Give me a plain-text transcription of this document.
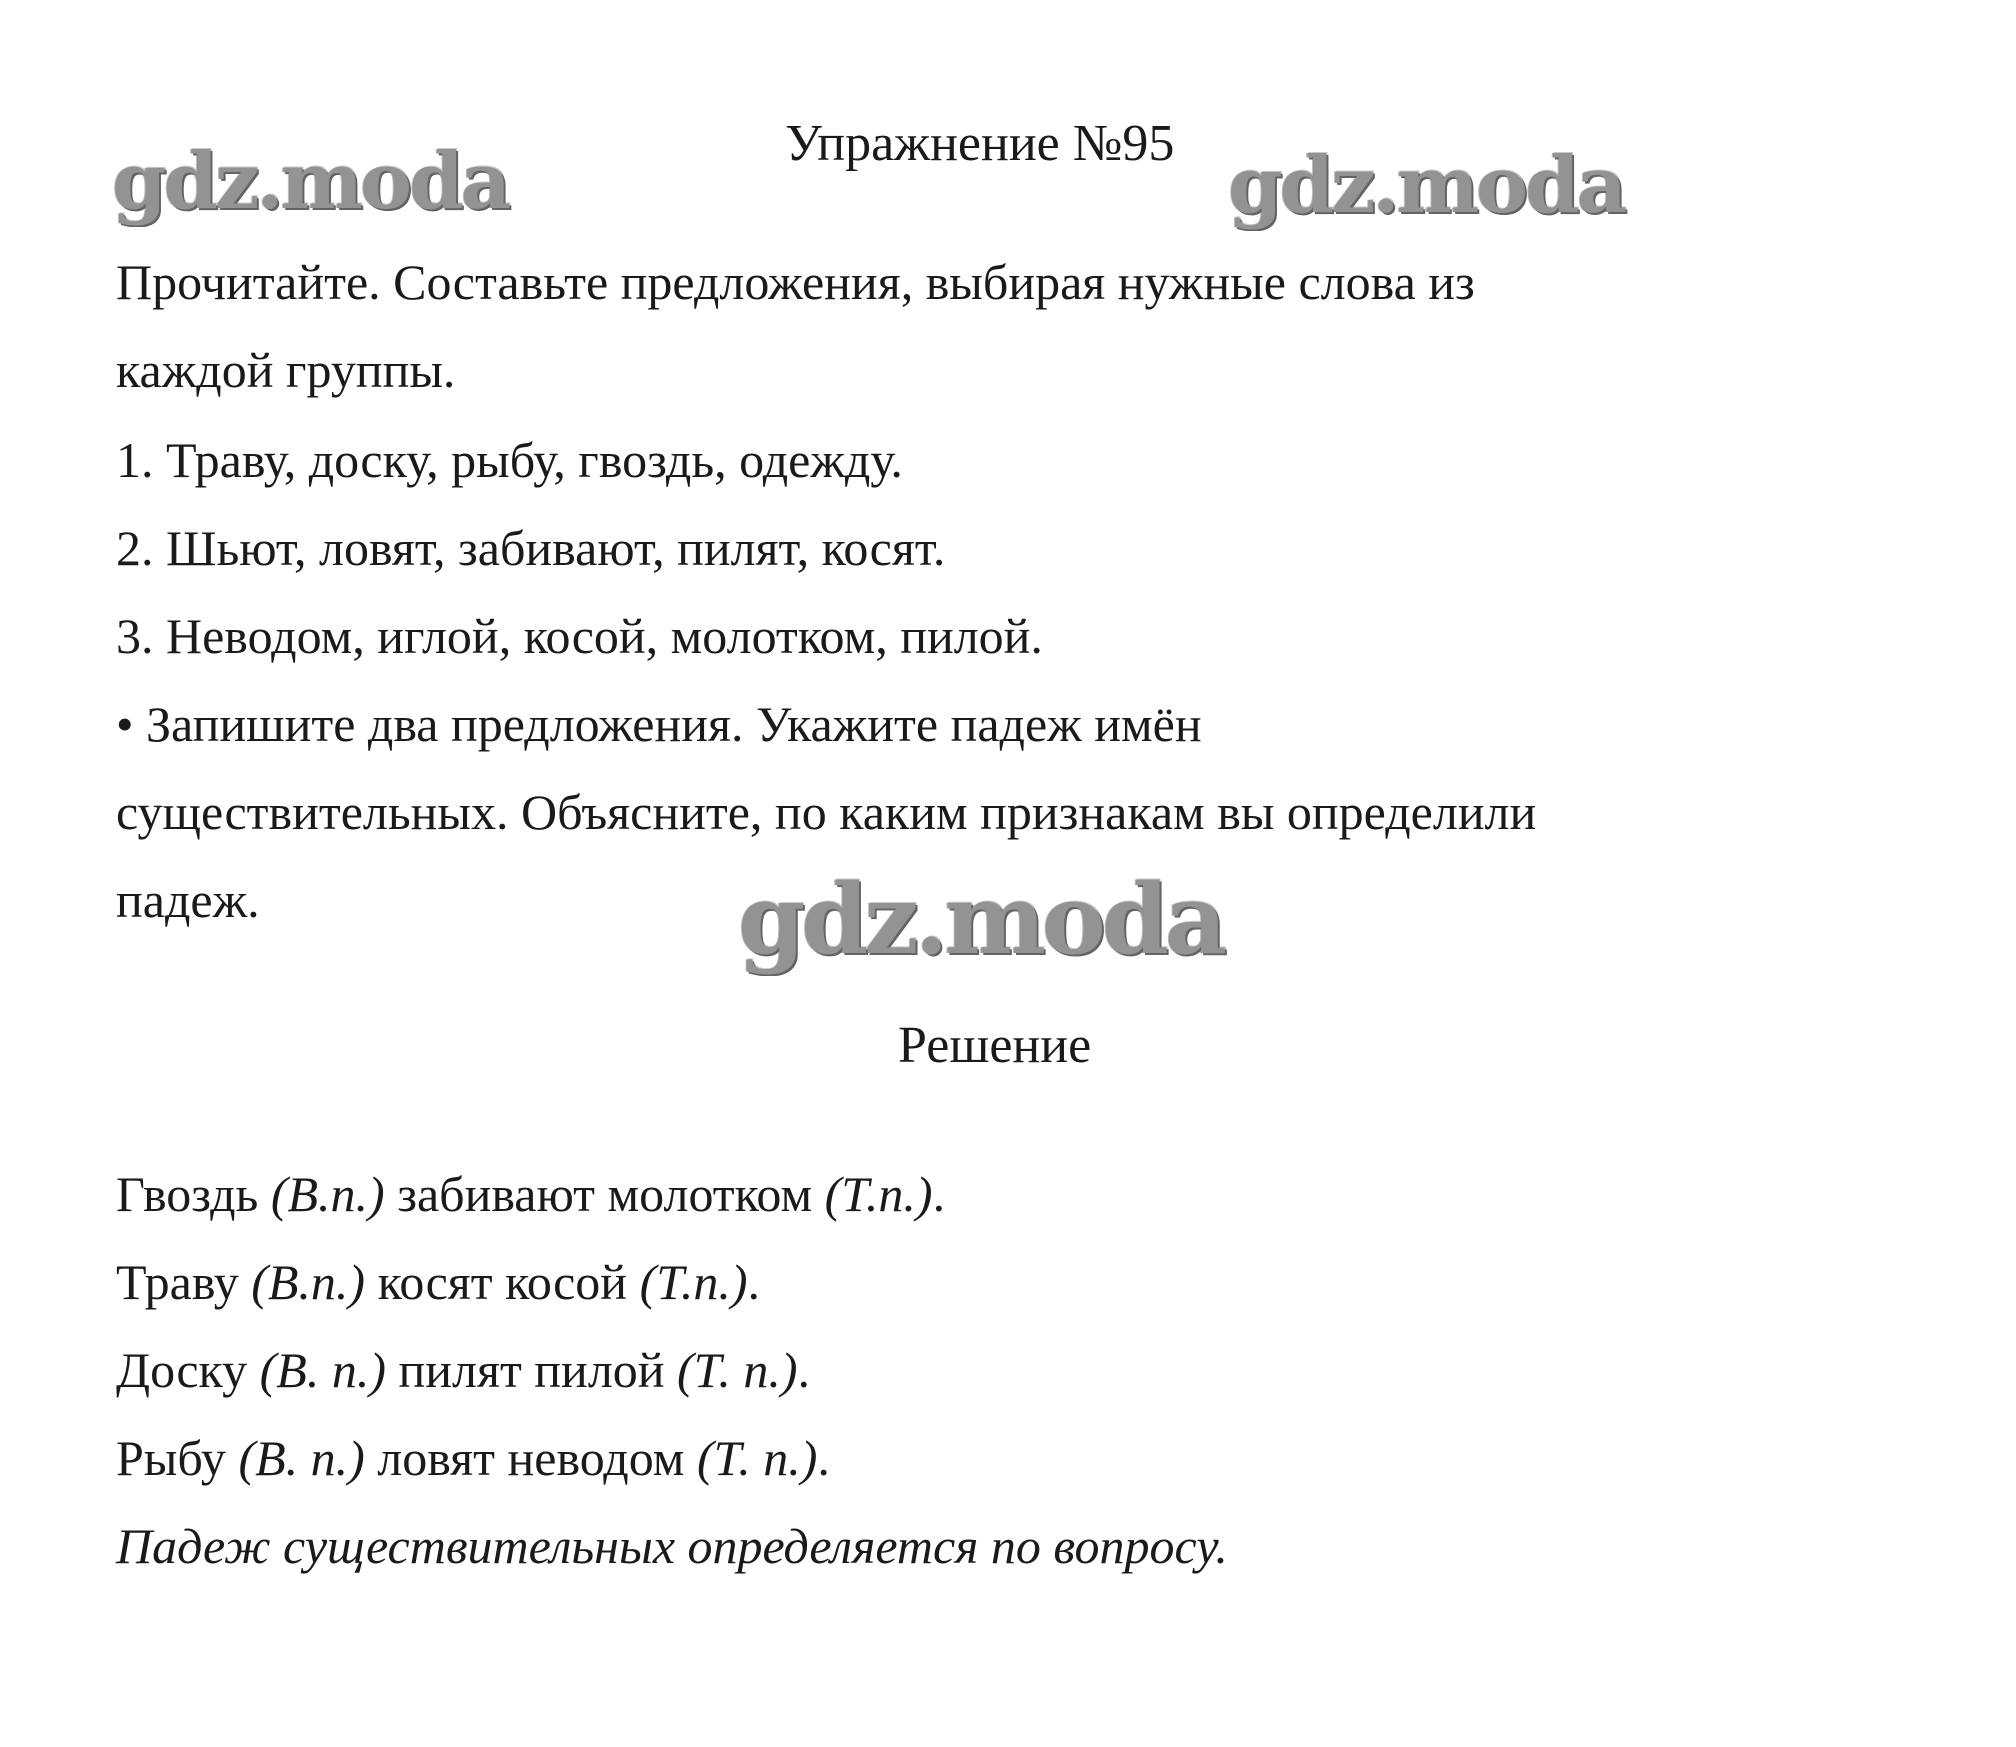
Упражнение №95
gdz.moda	gdz.moda
Прочитайте. Составьте предложения, выбирая нужные слова из
каждой группы.
1. Траву, доску, рыбу, гвоздь, одежду.
2. Шьют, ловят, забивают, пилят, косят.
3. Неводом, иглой, косой, молотком, пилой.
• Запишите два предложения. Укажите падеж имён
существительных. Объясните, по каким признакам вы определили
падеж.	gdz.moda
Решение
Гвоздь (В.п.) забивают молотком (Т.п.).
Траву (В.п.) косят косой (Т.п.).
Доску (В. п.) пилят пилой (Т. п.).
Рыбу (В. п.) ловят неводом (Т. п.).
Падеж существительных определяется по вопросу.
